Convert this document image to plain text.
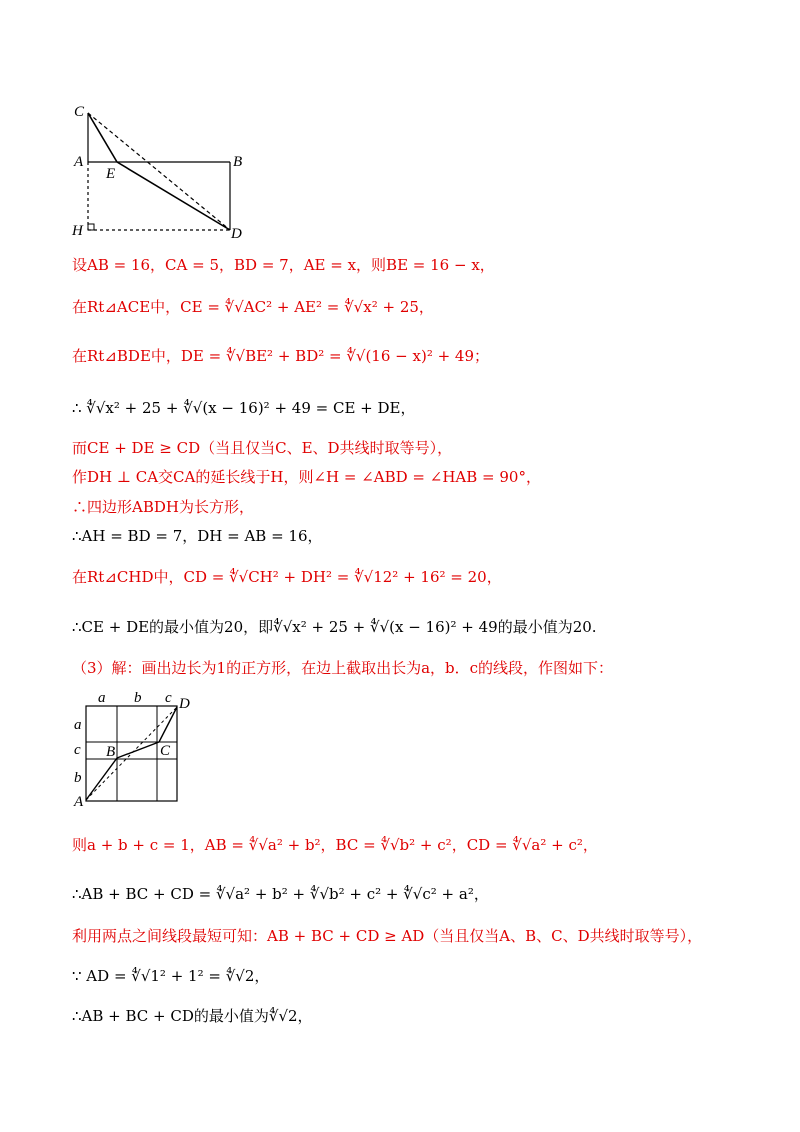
C
A	B
E
H	D
设AB = 16，CA = 5，BD = 7，AE = x，则BE = 16 − x，
在Rt⊿ACE中，CE = ∜√AC² + AE² = ∜√x² + 25，
在Rt⊿BDE中，DE = ∜√BE² + BD² = ∜√(16 − x)² + 49；
∴ ∜√x² + 25 + ∜√(x − 16)² + 49 = CE + DE，
而CE + DE ≥ CD（当且仅当C、E、D共线时取等号），
作DH ⊥ CA交CA的延长线于H，则∠H = ∠ABD = ∠HAB = 90°，
∴四边形ABDH为长方形，
∴AH = BD = 7，DH = AB = 16，
在Rt⊿CHD中，CD = ∜√CH² + DH² = ∜√12² + 16² = 20，
∴CE + DE的最小值为20，即∜√x² + 25 + ∜√(x − 16)² + 49的最小值为20.
（3）解：画出边长为1的正方形，在边上截取出长为a，b．c的线段，作图如下：
a b c D
a
c
b
A
B	C
则a + b + c = 1，AB = ∜√a² + b²，BC = ∜√b² + c²，CD = ∜√a² + c²，
∴AB + BC + CD = ∜√a² + b² + ∜√b² + c² + ∜√c² + a²，
利用两点之间线段最短可知：AB + BC + CD ≥ AD（当且仅当A、B、C、D共线时取等号），
∵ AD = ∜√1² + 1² = ∜√2，
∴AB + BC + CD的最小值为∜√2，
